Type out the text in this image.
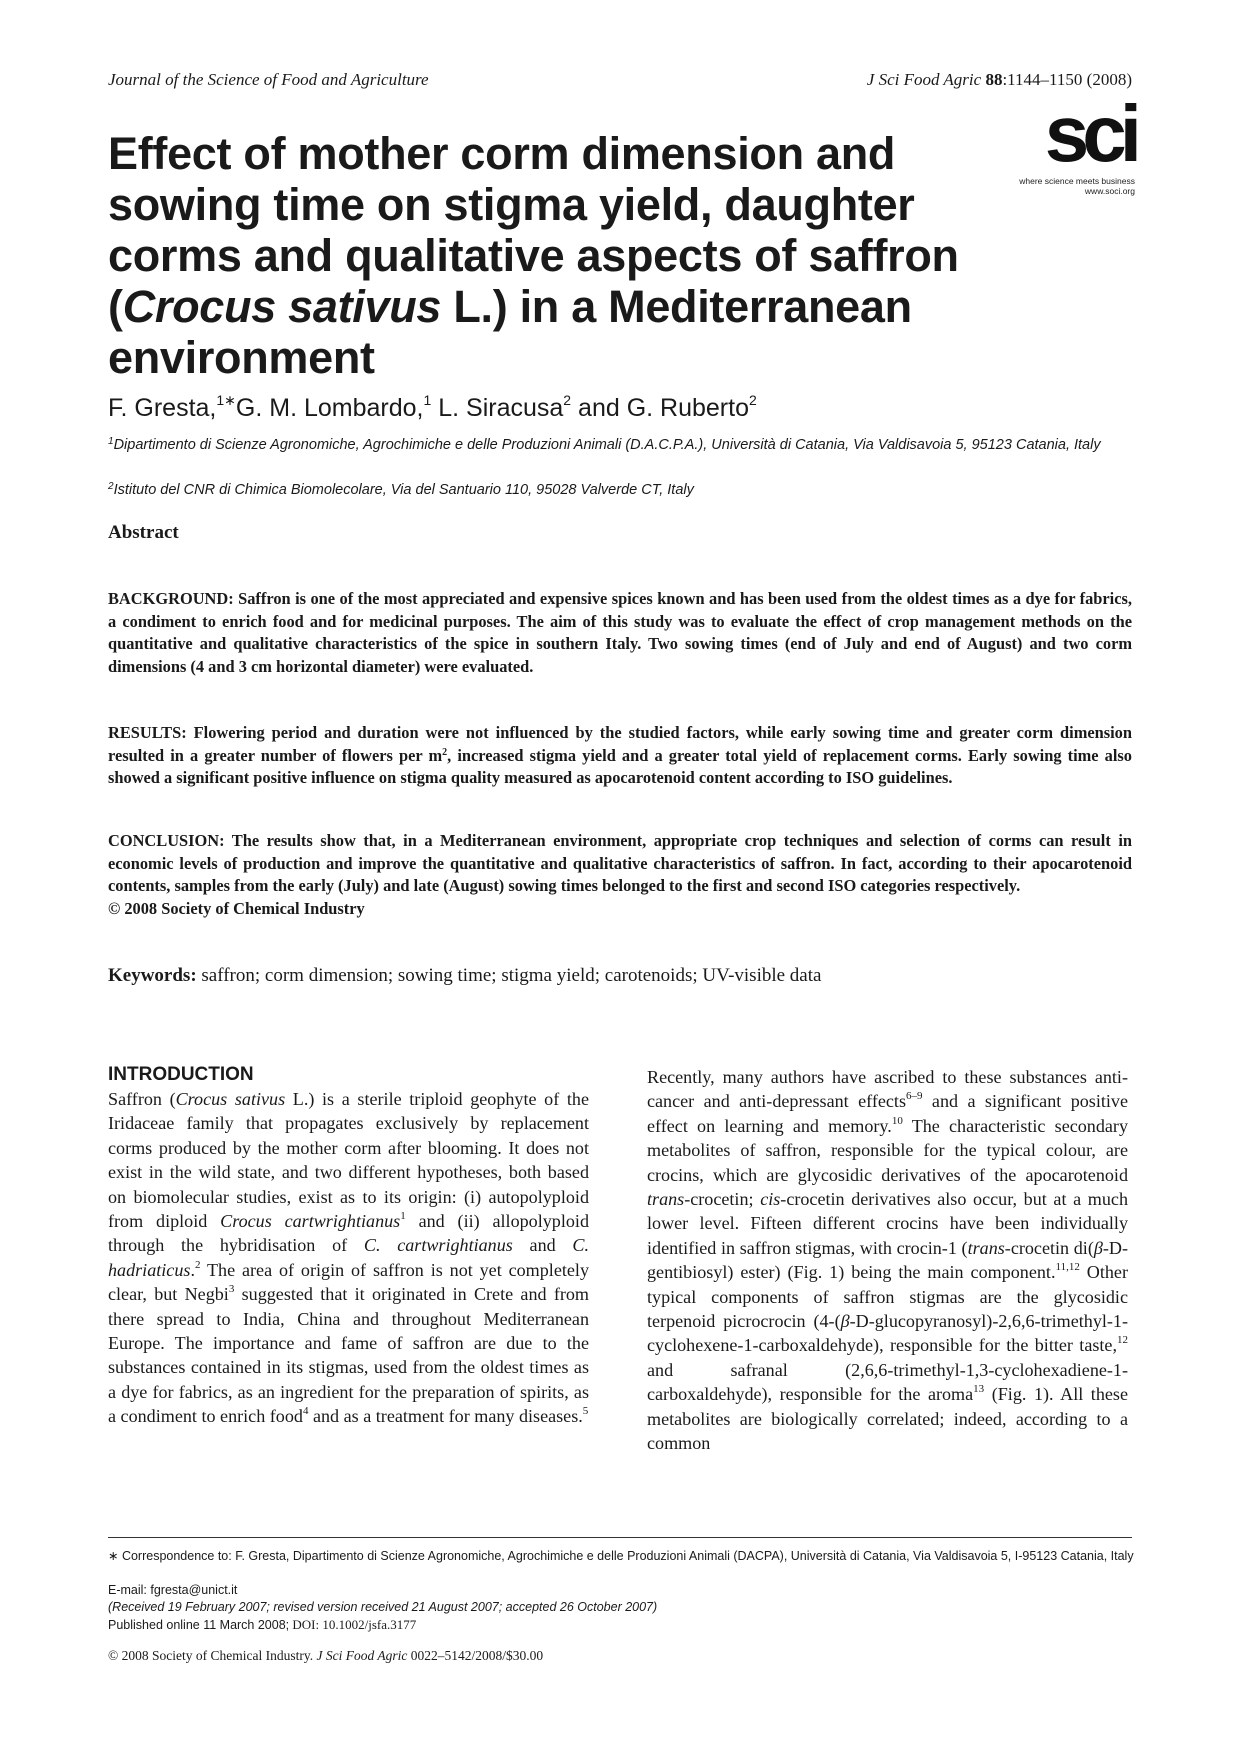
Journal of the Science of Food and Agriculture	J Sci Food Agric 88:1144–1150 (2008)
sci
where science meets business
www.soci.org
Effect of mother corm dimension and sowing time on stigma yield, daughter corms and qualitative aspects of saffron (Crocus sativus L.) in a Mediterranean environment
F. Gresta,$^{1∗}$G. M. Lombardo,$^1$ L. Siracusa$^2$ and G. Ruberto$^2$
$^1$Dipartimento di Scienze Agronomiche, Agrochimiche e delle Produzioni Animali (D.A.C.P.A.), Università di Catania, Via Valdisavoia 5, 95123 Catania, Italy
$^2$Istituto del CNR di Chimica Biomolecolare, Via del Santuario 110, 95028 Valverde CT, Italy
Abstract

BACKGROUND: Saffron is one of the most appreciated and expensive spices known and has been used from the oldest times as a dye for fabrics, a condiment to enrich food and for medicinal purposes. The aim of this study was to evaluate the effect of crop management methods on the quantitative and qualitative characteristics of the spice in southern Italy. Two sowing times (end of July and end of August) and two corm dimensions (4 and 3 cm horizontal diameter) were evaluated.

RESULTS: Flowering period and duration were not influenced by the studied factors, while early sowing time and greater corm dimension resulted in a greater number of flowers per $m^2$, increased stigma yield and a greater total yield of replacement corms. Early sowing time also showed a significant positive influence on stigma quality measured as apocarotenoid content according to ISO guidelines.

CONCLUSION: The results show that, in a Mediterranean environment, appropriate crop techniques and selection of corms can result in economic levels of production and improve the quantitative and qualitative characteristics of saffron. In fact, according to their apocarotenoid contents, samples from the early (July) and late (August) sowing times belonged to the first and second ISO categories respectively.
© 2008 Society of Chemical Industry

Keywords: saffron; corm dimension; sowing time; stigma yield; carotenoids; UV-visible data
INTRODUCTION

Saffron (Crocus sativus L.) is a sterile triploid geophyte of the Iridaceae family that propagates exclusively by replacement corms produced by the mother corm after blooming. It does not exist in the wild state, and two different hypotheses, both based on biomolecular studies, exist as to its origin: (i) autopolyploid from diploid Crocus cartwrightianus$^1$ and (ii) allopolyploid through the hybridisation of C. cartwrightianus and C. hadriaticus.$^2$ The area of origin of saffron is not yet completely clear, but Negbi$^3$ suggested that it originated in Crete and from there spread to India, China and throughout Mediterranean Europe. The importance and fame of saffron are due to the substances contained in its stigmas, used from the oldest times as a dye for fabrics, as an ingredient for the preparation of spirits, as a condiment to enrich food$^4$ and as a treatment for many diseases.$^5$

Recently, many authors have ascribed to these substances anti-cancer and anti-depressant effects$^{6-9}$ and a significant positive effect on learning and memory.$^{10}$ The characteristic secondary metabolites of saffron, responsible for the typical colour, are crocins, which are glycosidic derivatives of the apocarotenoid trans-crocetin; cis-crocetin derivatives also occur, but at a much lower level. Fifteen different crocins have been individually identified in saffron stigmas, with crocin-1 (trans-crocetin di(β-D-gentibiosyl) ester) (Fig. 1) being the main component.$^{11,12}$ Other typical components of saffron stigmas are the glycosidic terpenoid picrocrocin (4-(β-D-glucopyranosyl)-2,6,6-trimethyl-1-cyclohexene-1-carboxaldehyde), responsible for the bitter taste,$^{12}$ and safranal (2,6,6-trimethyl-1,3-cyclohexadiene-1-carboxaldehyde), responsible for the aroma$^{13}$ (Fig. 1). All these metabolites are biologically correlated; indeed, according to a common

∗ Correspondence to: F. Gresta, Dipartimento di Scienze Agronomiche, Agrochimiche e delle Produzioni Animali (DACPA), Università di Catania, Via Valdisavoia 5, I-95123 Catania, Italy
E-mail: fgresta@unict.it
(Received 19 February 2007; revised version received 21 August 2007; accepted 26 October 2007)
Published online 11 March 2008; DOI: 10.1002/jsfa.3177
© 2008 Society of Chemical Industry. J Sci Food Agric 0022–5142/2008/$30.00
